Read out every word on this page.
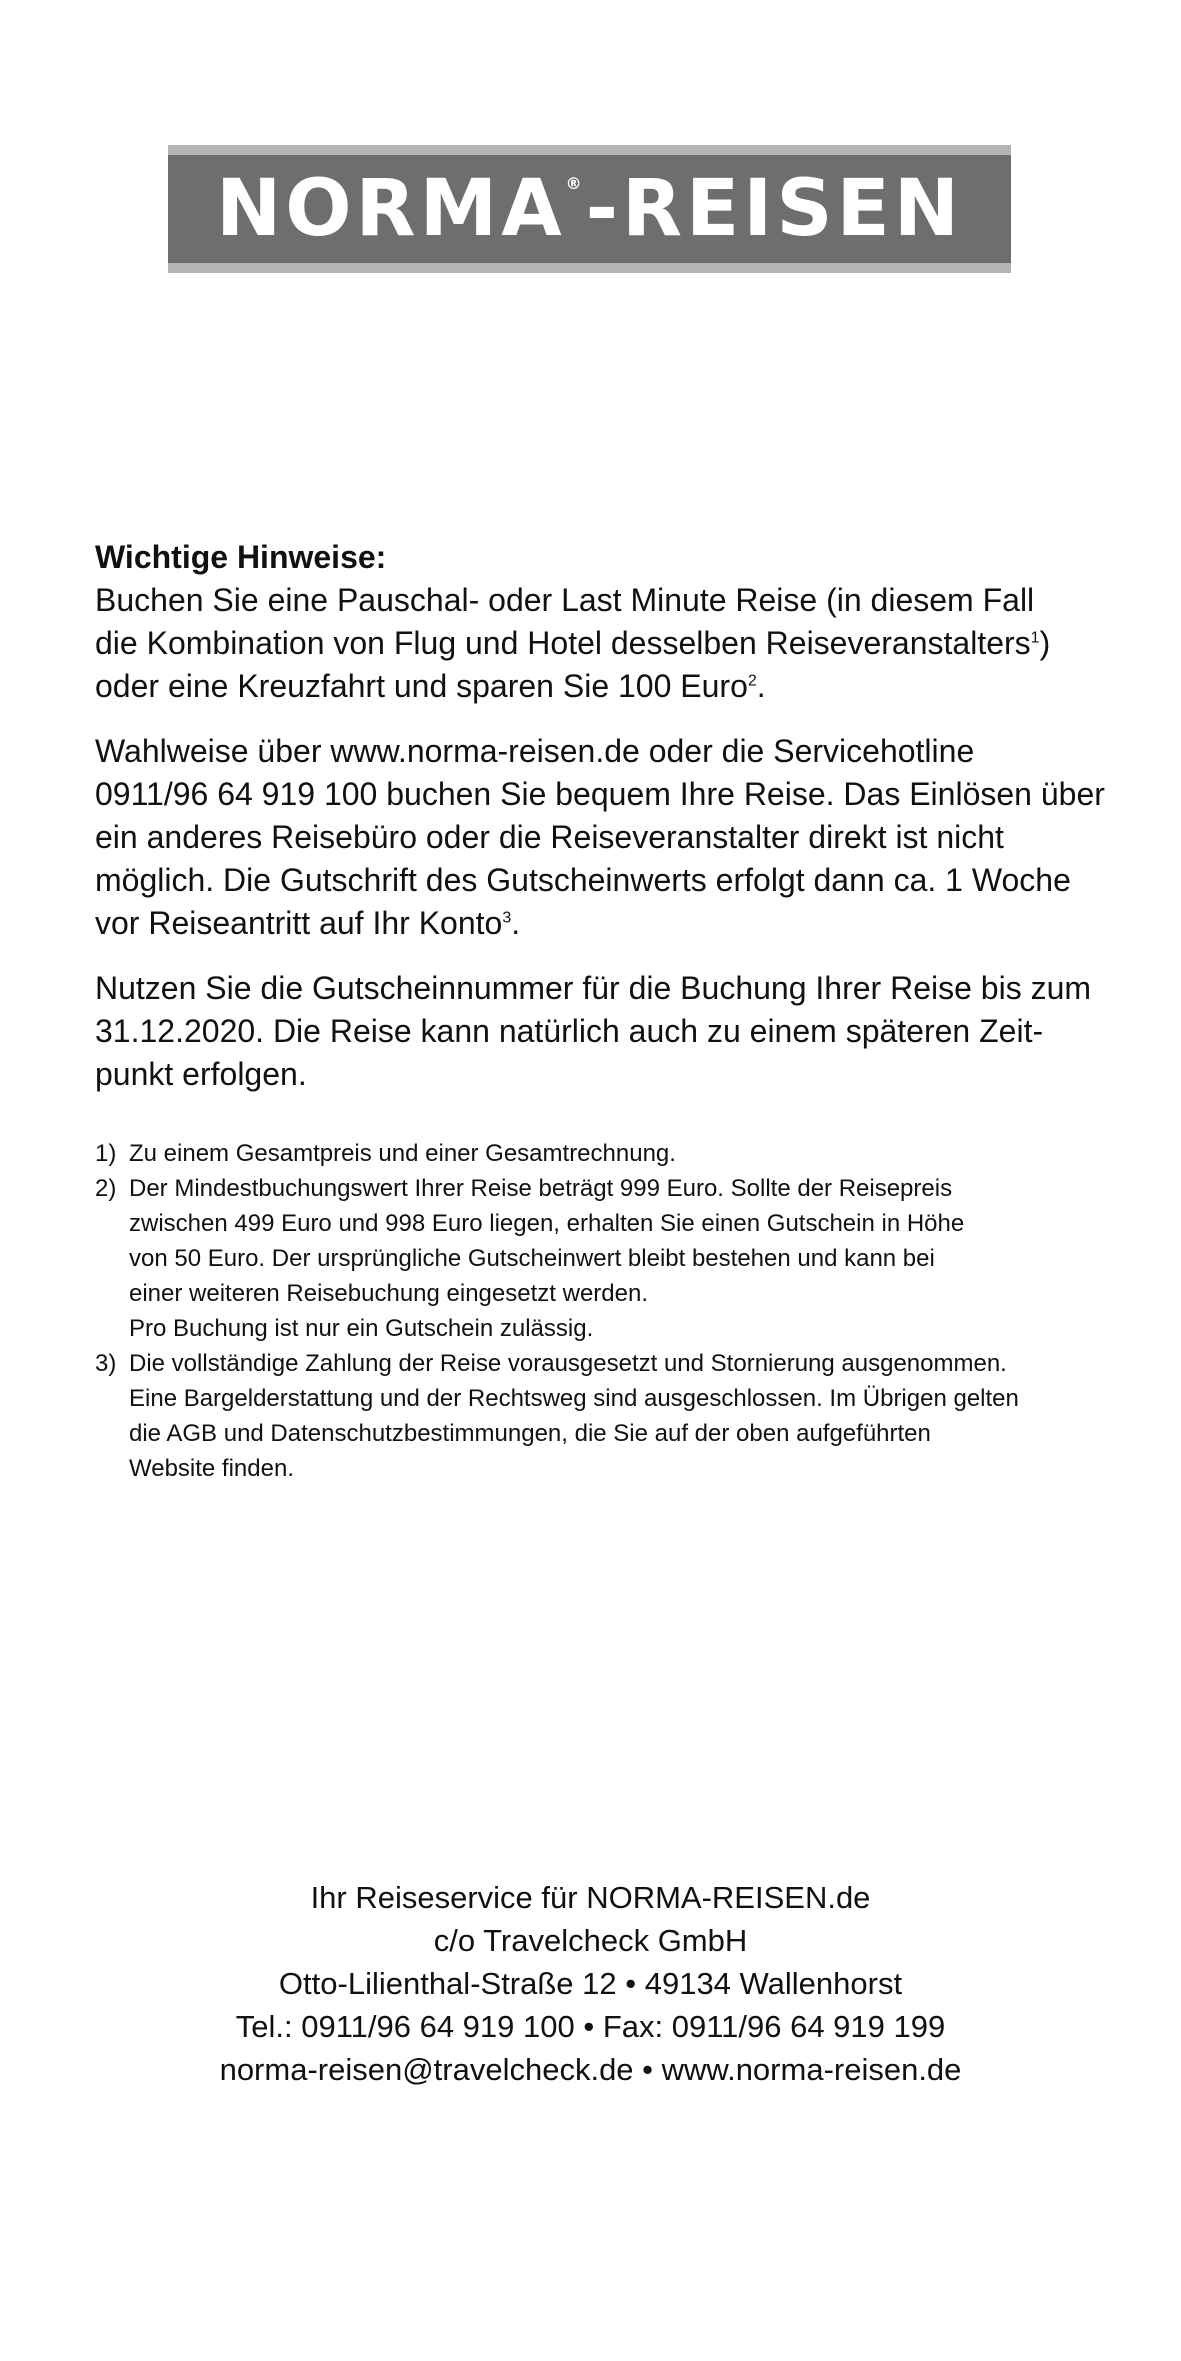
NORMA ® -REISEN
Wichtige Hinweise:
Buchen Sie eine Pauschal- oder Last Minute Reise (in diesem Fall
die Kombination von Flug und Hotel desselben Reiseveranstalters$^1$)
oder eine Kreuzfahrt und sparen Sie 100 Euro$^2$.
Wahlweise über www.norma-reisen.de oder die Servicehotline
0911/96 64 919 100 buchen Sie bequem Ihre Reise. Das Einlösen über
ein anderes Reisebüro oder die Reiseveranstalter direkt ist nicht
möglich. Die Gutschrift des Gutscheinwerts erfolgt dann ca. 1 Woche
vor Reiseantritt auf Ihr Konto$^3$.
Nutzen Sie die Gutscheinnummer für die Buchung Ihrer Reise bis zum
31.12.2020. Die Reise kann natürlich auch zu einem späteren Zeit-
punkt erfolgen.
1) Zu einem Gesamtpreis und einer Gesamtrechnung.
2) Der Mindestbuchungswert Ihrer Reise beträgt 999 Euro. Sollte der Reisepreis
zwischen 499 Euro und 998 Euro liegen, erhalten Sie einen Gutschein in Höhe
von 50 Euro. Der ursprüngliche Gutscheinwert bleibt bestehen und kann bei
einer weiteren Reisebuchung eingesetzt werden.
Pro Buchung ist nur ein Gutschein zulässig.
3) Die vollständige Zahlung der Reise vorausgesetzt und Stornierung ausgenommen.
Eine Bargelderstattung und der Rechtsweg sind ausgeschlossen. Im Übrigen gelten
die AGB und Datenschutzbestimmungen, die Sie auf der oben aufgeführten
Website finden.
Ihr Reiseservice für NORMA-REISEN.de
c/o Travelcheck GmbH
Otto-Lilienthal-Straße 12 • 49134 Wallenhorst
Tel.: 0911/96 64 919 100 • Fax: 0911/96 64 919 199
norma-reisen@travelcheck.de • www.norma-reisen.de
